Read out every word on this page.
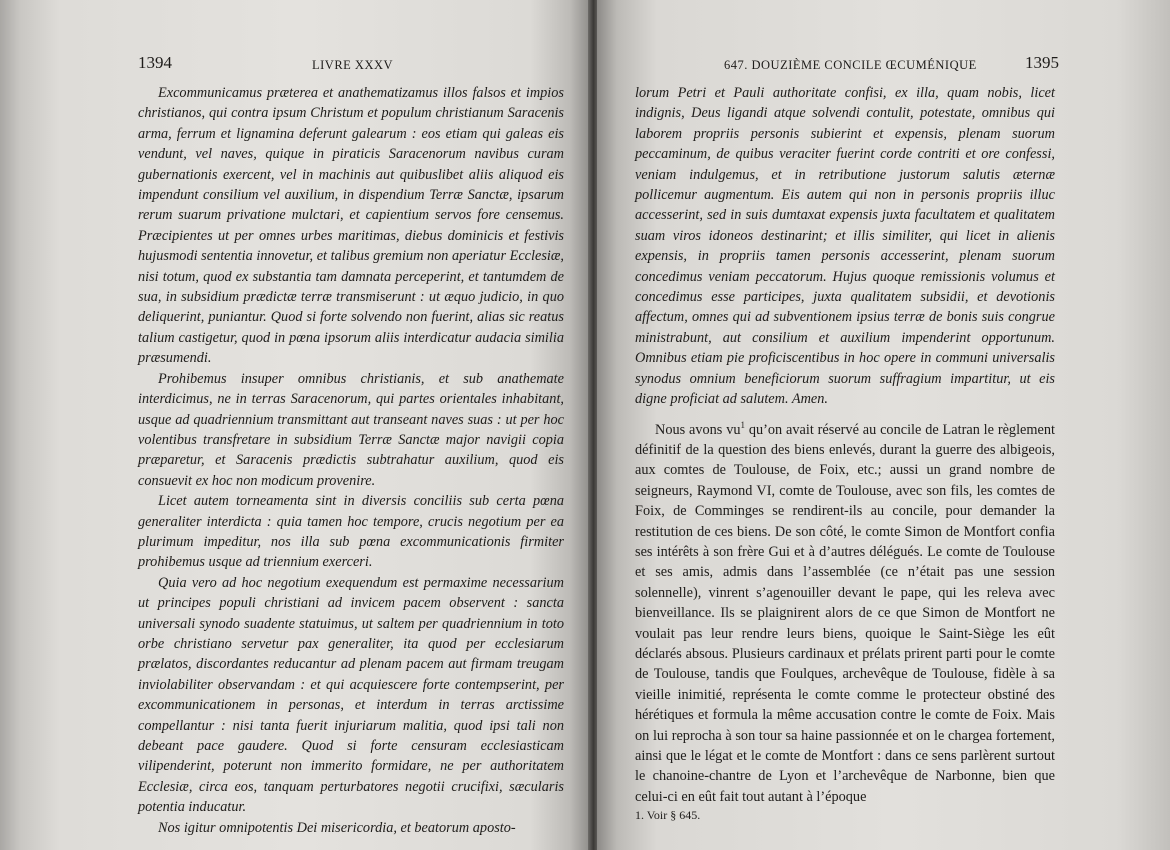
1394	LIVRE XXXV

Excommunicamus præterea et anathematizamus illos falsos et impios christianos, qui contra ipsum Christum et populum christianum Saracenis arma, ferrum et lignamina deferunt galearum : eos etiam qui galeas eis vendunt, vel naves, quique in piraticis Saracenorum navibus curam gubernationis exercent, vel in machinis aut quibuslibet aliis aliquod eis impendunt consilium vel auxilium, in dispendium Terræ Sanctæ, ipsarum rerum suarum privatione mulctari, et capientium servos fore censemus. Præcipientes ut per omnes urbes maritimas, diebus dominicis et festivis hujusmodi sententia innovetur, et talibus gremium non aperiatur Ecclesiæ, nisi totum, quod ex substantia tam damnata perceperint, et tantumdem de sua, in subsidium prædictæ terræ transmiserunt : ut æquo judicio, in quo deliquerint, puniantur. Quod si forte solvendo non fuerint, alias sic reatus talium castigetur, quod in pœna ipsorum aliis interdicatur audacia similia præsumendi.

Prohibemus insuper omnibus christianis, et sub anathemate interdicimus, ne in terras Saracenorum, qui partes orientales inhabitant, usque ad quadriennium transmittant aut transeant naves suas : ut per hoc volentibus transfretare in subsidium Terræ Sanctæ major navigii copia præparetur, et Saracenis prædictis subtrahatur auxilium, quod eis consuevit ex hoc non modicum provenire.

Licet autem torneamenta sint in diversis conciliis sub certa pœna generaliter interdicta : quia tamen hoc tempore, crucis negotium per ea plurimum impeditur, nos illa sub pœna excommunicationis firmiter prohibemus usque ad triennium exerceri.

Quia vero ad hoc negotium exequendum est permaxime necessarium ut principes populi christiani ad invicem pacem observent : sancta universali synodo suadente statuimus, ut saltem per quadriennium in toto orbe christiano servetur pax generaliter, ita quod per ecclesiarum prælatos, discordantes reducantur ad plenam pacem aut firmam treugam inviolabiliter observandam : et qui acquiescere forte contempserint, per excommunicationem in personas, et interdum in terras arctissime compellantur : nisi tanta fuerit injuriarum malitia, quod ipsi tali non debeant pace gaudere. Quod si forte censuram ecclesiasticam vilipenderint, poterunt non immerito formidare, ne per authoritatem Ecclesiæ, circa eos, tanquam perturbatores negotii crucifixi, sæcularis potentia inducatur.

Nos igitur omnipotentis Dei misericordia, et beatorum aposto-

647. DOUZIÈME CONCILE ŒCUMÉNIQUE	1395

lorum Petri et Pauli authoritate confisi, ex illa, quam nobis, licet indignis, Deus ligandi atque solvendi contulit, potestate, omnibus qui laborem propriis personis subierint et expensis, plenam suorum peccaminum, de quibus veraciter fuerint corde contriti et ore confessi, veniam indulgemus, et in retributione justorum salutis æternæ pollicemur augmentum. Eis autem qui non in personis propriis illuc accesserint, sed in suis dumtaxat expensis juxta facultatem et qualitatem suam viros idoneos destinarint; et illis similiter, qui licet in alienis expensis, in propriis tamen personis accesserint, plenam suorum concedimus veniam peccatorum. Hujus quoque remissionis volumus et concedimus esse participes, juxta qualitatem subsidii, et devotionis affectum, omnes qui ad subventionem ipsius terræ de bonis suis congrue ministrabunt, aut consilium et auxilium impenderint opportunum. Omnibus etiam pie proficiscentibus in hoc opere in communi universalis synodus omnium beneficiorum suorum suffragium impartitur, ut eis digne proficiat ad salutem. Amen.

Nous avons $vu^1$ qu’on avait réservé au concile de Latran le règlement définitif de la question des biens enlevés, durant la guerre des albigeois, aux comtes de Toulouse, de Foix, etc.; aussi un grand nombre de seigneurs, Raymond VI, comte de Toulouse, avec son fils, les comtes de Foix, de Comminges se rendirent-ils au concile, pour demander la restitution de ces biens. De son côté, le comte Simon de Montfort confia ses intérêts à son frère Gui et à d’autres délégués. Le comte de Toulouse et ses amis, admis dans l’assemblée (ce n’était pas une session solennelle), vinrent s’agenouiller devant le pape, qui les releva avec bienveillance. Ils se plaignirent alors de ce que Simon de Montfort ne voulait pas leur rendre leurs biens, quoique le Saint-Siège les eût déclarés absous. Plusieurs cardinaux et prélats prirent parti pour le comte de Toulouse, tandis que Foulques, archevêque de Toulouse, fidèle à sa vieille inimitié, représenta le comte comme le protecteur obstiné des hérétiques et formula la même accusation contre le comte de Foix. Mais on lui reprocha à son tour sa haine passionnée et on le chargea fortement, ainsi que le légat et le comte de Montfort : dans ce sens parlèrent surtout le chanoine-chantre de Lyon et l’archevêque de Narbonne, bien que celui-ci en eût fait tout autant à l’époque

1. Voir § 645.
